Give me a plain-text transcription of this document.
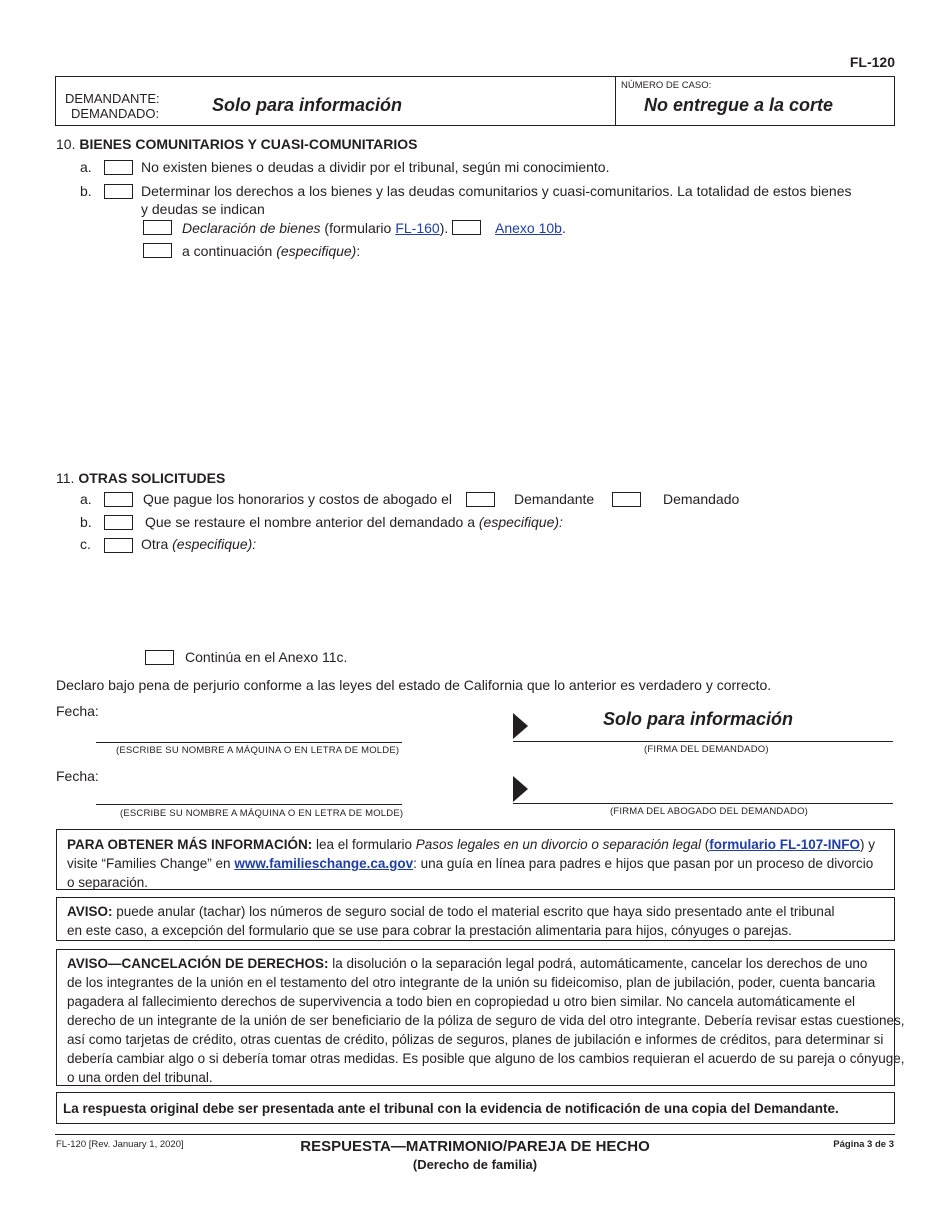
FL-120
DEMANDANTE:
DEMANDADO:	Solo para información
NÚMERO DE CASO:
No entregue a la corte
10. BIENES COMUNITARIOS Y CUASI-COMUNITARIOS
a.	No existen bienes o deudas a dividir por el tribunal, según mi conocimiento.
b.	Determinar los derechos a los bienes y las deudas comunitarios y cuasi-comunitarios. La totalidad de estos bienes
y deudas se indican
Declaración de bienes (formulario FL-160).	Anexo 10b.
a continuación (especifique):
11. OTRAS SOLICITUDES
a.	Que pague los honorarios y costos de abogado el	Demandante	Demandado
b.	Que se restaure el nombre anterior del demandado a (especifique):
c.	Otra (especifique):
Continúa en el Anexo 11c.
Declaro bajo pena de perjurio conforme a las leyes del estado de California que lo anterior es verdadero y correcto.
Fecha:
(ESCRIBE SU NOMBRE A MÁQUINA O EN LETRA DE MOLDE)
Solo para información
(FIRMA DEL DEMANDADO)
Fecha:
(ESCRIBE SU NOMBRE A MÁQUINA O EN LETRA DE MOLDE)	(FIRMA DEL ABOGADO DEL DEMANDADO)
PARA OBTENER MÁS INFORMACIÓN: lea el formulario Pasos legales en un divorcio o separación legal (formulario FL-107-INFO) y
visite “Families Change” en www.familieschange.ca.gov: una guía en línea para padres e hijos que pasan por un proceso de divorcio
o separación.
AVISO: puede anular (tachar) los números de seguro social de todo el material escrito que haya sido presentado ante el tribunal
en este caso, a excepción del formulario que se use para cobrar la prestación alimentaria para hijos, cónyuges o parejas.
AVISO—CANCELACIÓN DE DERECHOS: la disolución o la separación legal podrá, automáticamente, cancelar los derechos de uno
de los integrantes de la unión en el testamento del otro integrante de la unión su fideicomiso, plan de jubilación, poder, cuenta bancaria
pagadera al fallecimiento derechos de supervivencia a todo bien en copropiedad u otro bien similar. No cancela automáticamente el
derecho de un integrante de la unión de ser beneficiario de la póliza de seguro de vida del otro integrante. Debería revisar estas cuestiones,
así como tarjetas de crédito, otras cuentas de crédito, pólizas de seguros, planes de jubilación e informes de créditos, para determinar si
debería cambiar algo o si debería tomar otras medidas. Es posible que alguno de los cambios requieran el acuerdo de su pareja o cónyuge,
o una orden del tribunal.
La respuesta original debe ser presentada ante el tribunal con la evidencia de notificación de una copia del Demandante.
FL-120 [Rev. January 1, 2020]	RESPUESTA—MATRIMONIO/PAREJA DE HECHO
(Derecho de familia)
Página 3 de 3
